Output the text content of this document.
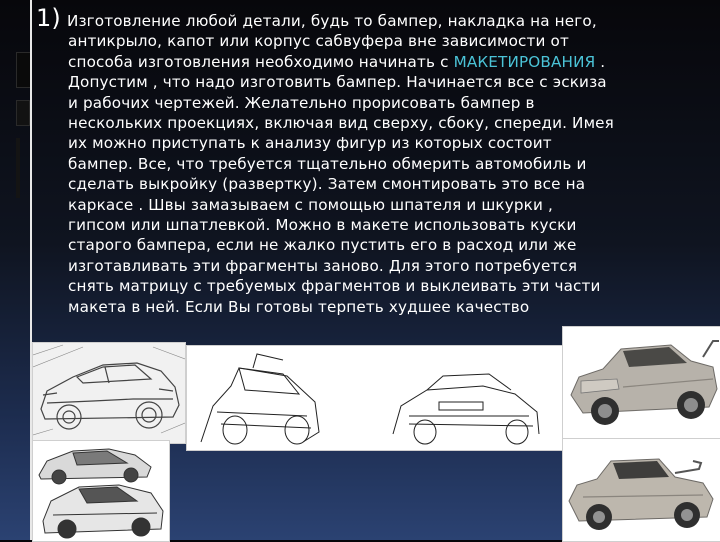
1) Изготовление любой детали, будь то бампер, накладка на него,
антикрыло, капот или корпус сабвуфера вне зависимости от
способа изготовления необходимо начинать с МАКЕТИРОВАНИЯ .
Допустим , что надо изготовить бампер. Начинается все с эскиза
и рабочих чертежей. Желательно прорисовать бампер в
нескольких проекциях, включая вид сверху, сбоку, спереди. Имея
их можно приступать к анализу фигур из которых состоит
бампер. Все, что требуется тщательно обмерить автомобиль и
сделать выкройку (развертку). Затем смонтировать это все на
каркасе . Швы замазываем с помощью шпателя и шкурки ,
гипсом или шпатлевкой. Можно в макете использовать куски
старого бампера, если не жалко пустить его в расход или же
изготавливать эти фрагменты заново. Для этого потребуется
снять матрицу с требуемых фрагментов и выклеивать эти части
макета в ней. Если Вы готовы терпеть худшее качество
